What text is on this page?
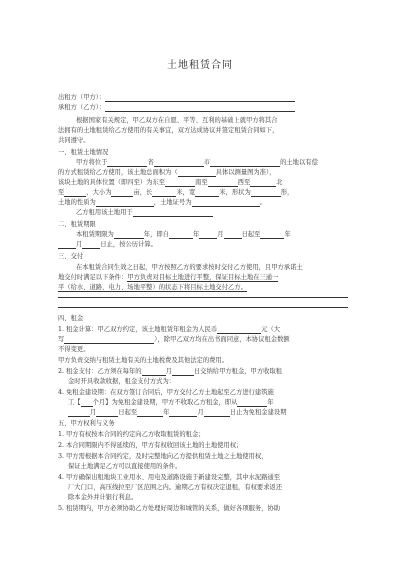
土地租赁合同
出租方（甲方）：
承租方（乙方）：
根据国家有关规定，甲乙双方在自愿、平等、互利的基础上就甲方将其合
法拥有的土地租赁给乙方使用的有关事宜，双方达成协议并签定租赁合同如下，
共同遵守。
一、租赁土地情况
甲方将位于	省	市	的土地以有偿
的方式租赁给乙方使用，该土地总面积为（	具体以测量图为准），
该块土地的具体位置（即四至）为东至	南至	西至	北
至	，大小为	亩，长	米，宽	米，形状为	形，
土地的性质为	，土地证号为	。
乙方租用该土地用于
二、租赁期限
本租赁期限为	年，即自	年	月	日起至	年
月	日止，按公历计算。
三、交付
在本租赁合同生效之日起，甲方按照乙方的要求按时交付乙方使用，且甲方承诺土
地交付时满足以下条件：甲方负责对目标土地进行平整，保证目标土地在三通一
平（给水、道路、电力、场地平整）的状态下将目标土地交付乙方。
四、租金
1. 租金计算：甲乙双方约定，该土地租赁年租金为人民币	元（大
写	），除甲乙双方均在出书面同意，本协议租金数额
不得变更。
甲方负责交纳与租赁土地有关的土地税费及其他法定的费用。
2. 租金支付：乙方须在每年的	月	日交纳给甲方租金，甲方收取租
金时开具收款收据，租金支付方式为：
4. 免租金建设期：在双方签订合同后，甲方交付乙方土地起至乙方进行建筑施
工【 个月】为免租金建设期，甲方不收取乙方租金，即从	年
月	日起至	年	月	日止为免租金建设期
五、甲方权利与义务
1. 甲方有权按本合同的约定向乙方收取租赁的租金；
2. 本合同期限内不得延续的，甲方有权收回该土地的土地使用权；
3. 甲方需根据本合同约定，及时完整地向乙方提供租赁土地之土地使用权，
保证土地满足乙方可以直接使用的条件。
4. 甲方确保出租地块工业用水、用电及道路设施于新建设完整，其中水泥路通至
厂大门口，高压线拉至厂区范围之内。逾期乙方有权决定退租，有权要求返还
除本金外并计银行利息。
5. 租赁期内，甲方必须协助乙方处理好周边和城管的关系，做好各项服务，协助
